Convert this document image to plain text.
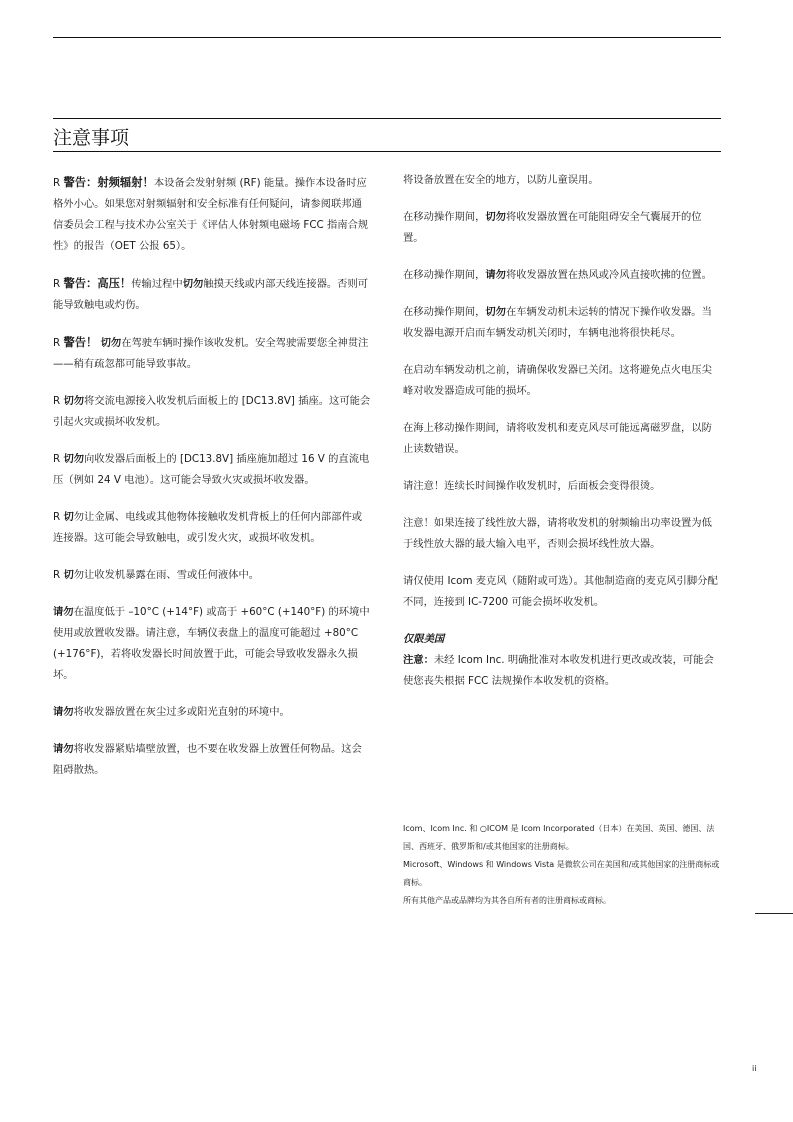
注意事项

R 警告：射频辐射！本设备会发射射频 (RF) 能量。操作本设备时应格外小心。如果您对射频辐射和安全标准有任何疑问，请参阅联邦通信委员会工程与技术办公室关于《评估人体射频电磁场 FCC 指南合规性》的报告（OET 公报 65）。

R 警告：高压！传输过程中切勿触摸天线或内部天线连接器。否则可能导致触电或灼伤。

R 警告！ 切勿在驾驶车辆时操作该收发机。安全驾驶需要您全神贯注——稍有疏忽都可能导致事故。

R 切勿将交流电源接入收发机后面板上的 [DC13.8V] 插座。这可能会引起火灾或损坏收发机。

R 切勿向收发器后面板上的 [DC13.8V] 插座施加超过 16 V 的直流电压（例如 24 V 电池）。这可能会导致火灾或损坏收发器。

R 切勿让金属、电线或其他物体接触收发机背板上的任何内部部件或连接器。这可能会导致触电，或引发火灾，或损坏收发机。

R 切勿让收发机暴露在雨、雪或任何液体中。

请勿在温度低于 –10°C (+14°F) 或高于 +60°C (+140°F) 的环境中使用或放置收发器。请注意，车辆仪表盘上的温度可能超过 +80°C (+176°F)，若将收发器长时间放置于此，可能会导致收发器永久损坏。

请勿将收发器放置在灰尘过多或阳光直射的环境中。

请勿将收发器紧贴墙壁放置，也不要在收发器上放置任何物品。这会阻碍散热。

将设备放置在安全的地方，以防儿童误用。

在移动操作期间，切勿将收发器放置在可能阻碍安全气囊展开的位置。

在移动操作期间，请勿将收发器放置在热风或冷风直接吹拂的位置。

在移动操作期间，切勿在车辆发动机未运转的情况下操作收发器。当收发器电源开启而车辆发动机关闭时，车辆电池将很快耗尽。

在启动车辆发动机之前，请确保收发器已关闭。这将避免点火电压尖峰对收发器造成可能的损坏。

在海上移动操作期间，请将收发机和麦克风尽可能远离磁罗盘，以防止读数错误。

请注意！连续长时间操作收发机时，后面板会变得很烫。

注意！如果连接了线性放大器，请将收发机的射频输出功率设置为低于线性放大器的最大输入电平，否则会损坏线性放大器。

请仅使用 Icom 麦克风（随附或可选）。其他制造商的麦克风引脚分配不同，连接到 IC-7200 可能会损坏收发机。

仅限美国
注意：未经 Icom Inc. 明确批准对本收发机进行更改或改装，可能会使您丧失根据 FCC 法规操作本收发机的资格。

Icom、Icom Inc. 和 ○ICOM 是 Icom Incorporated（日本）在美国、英国、德国、法国、西班牙、俄罗斯和/或其他国家的注册商标。

Microsoft、Windows 和 Windows Vista 是微软公司在美国和/或其他国家的注册商标或商标。

所有其他产品或品牌均为其各自所有者的注册商标或商标。

ii
